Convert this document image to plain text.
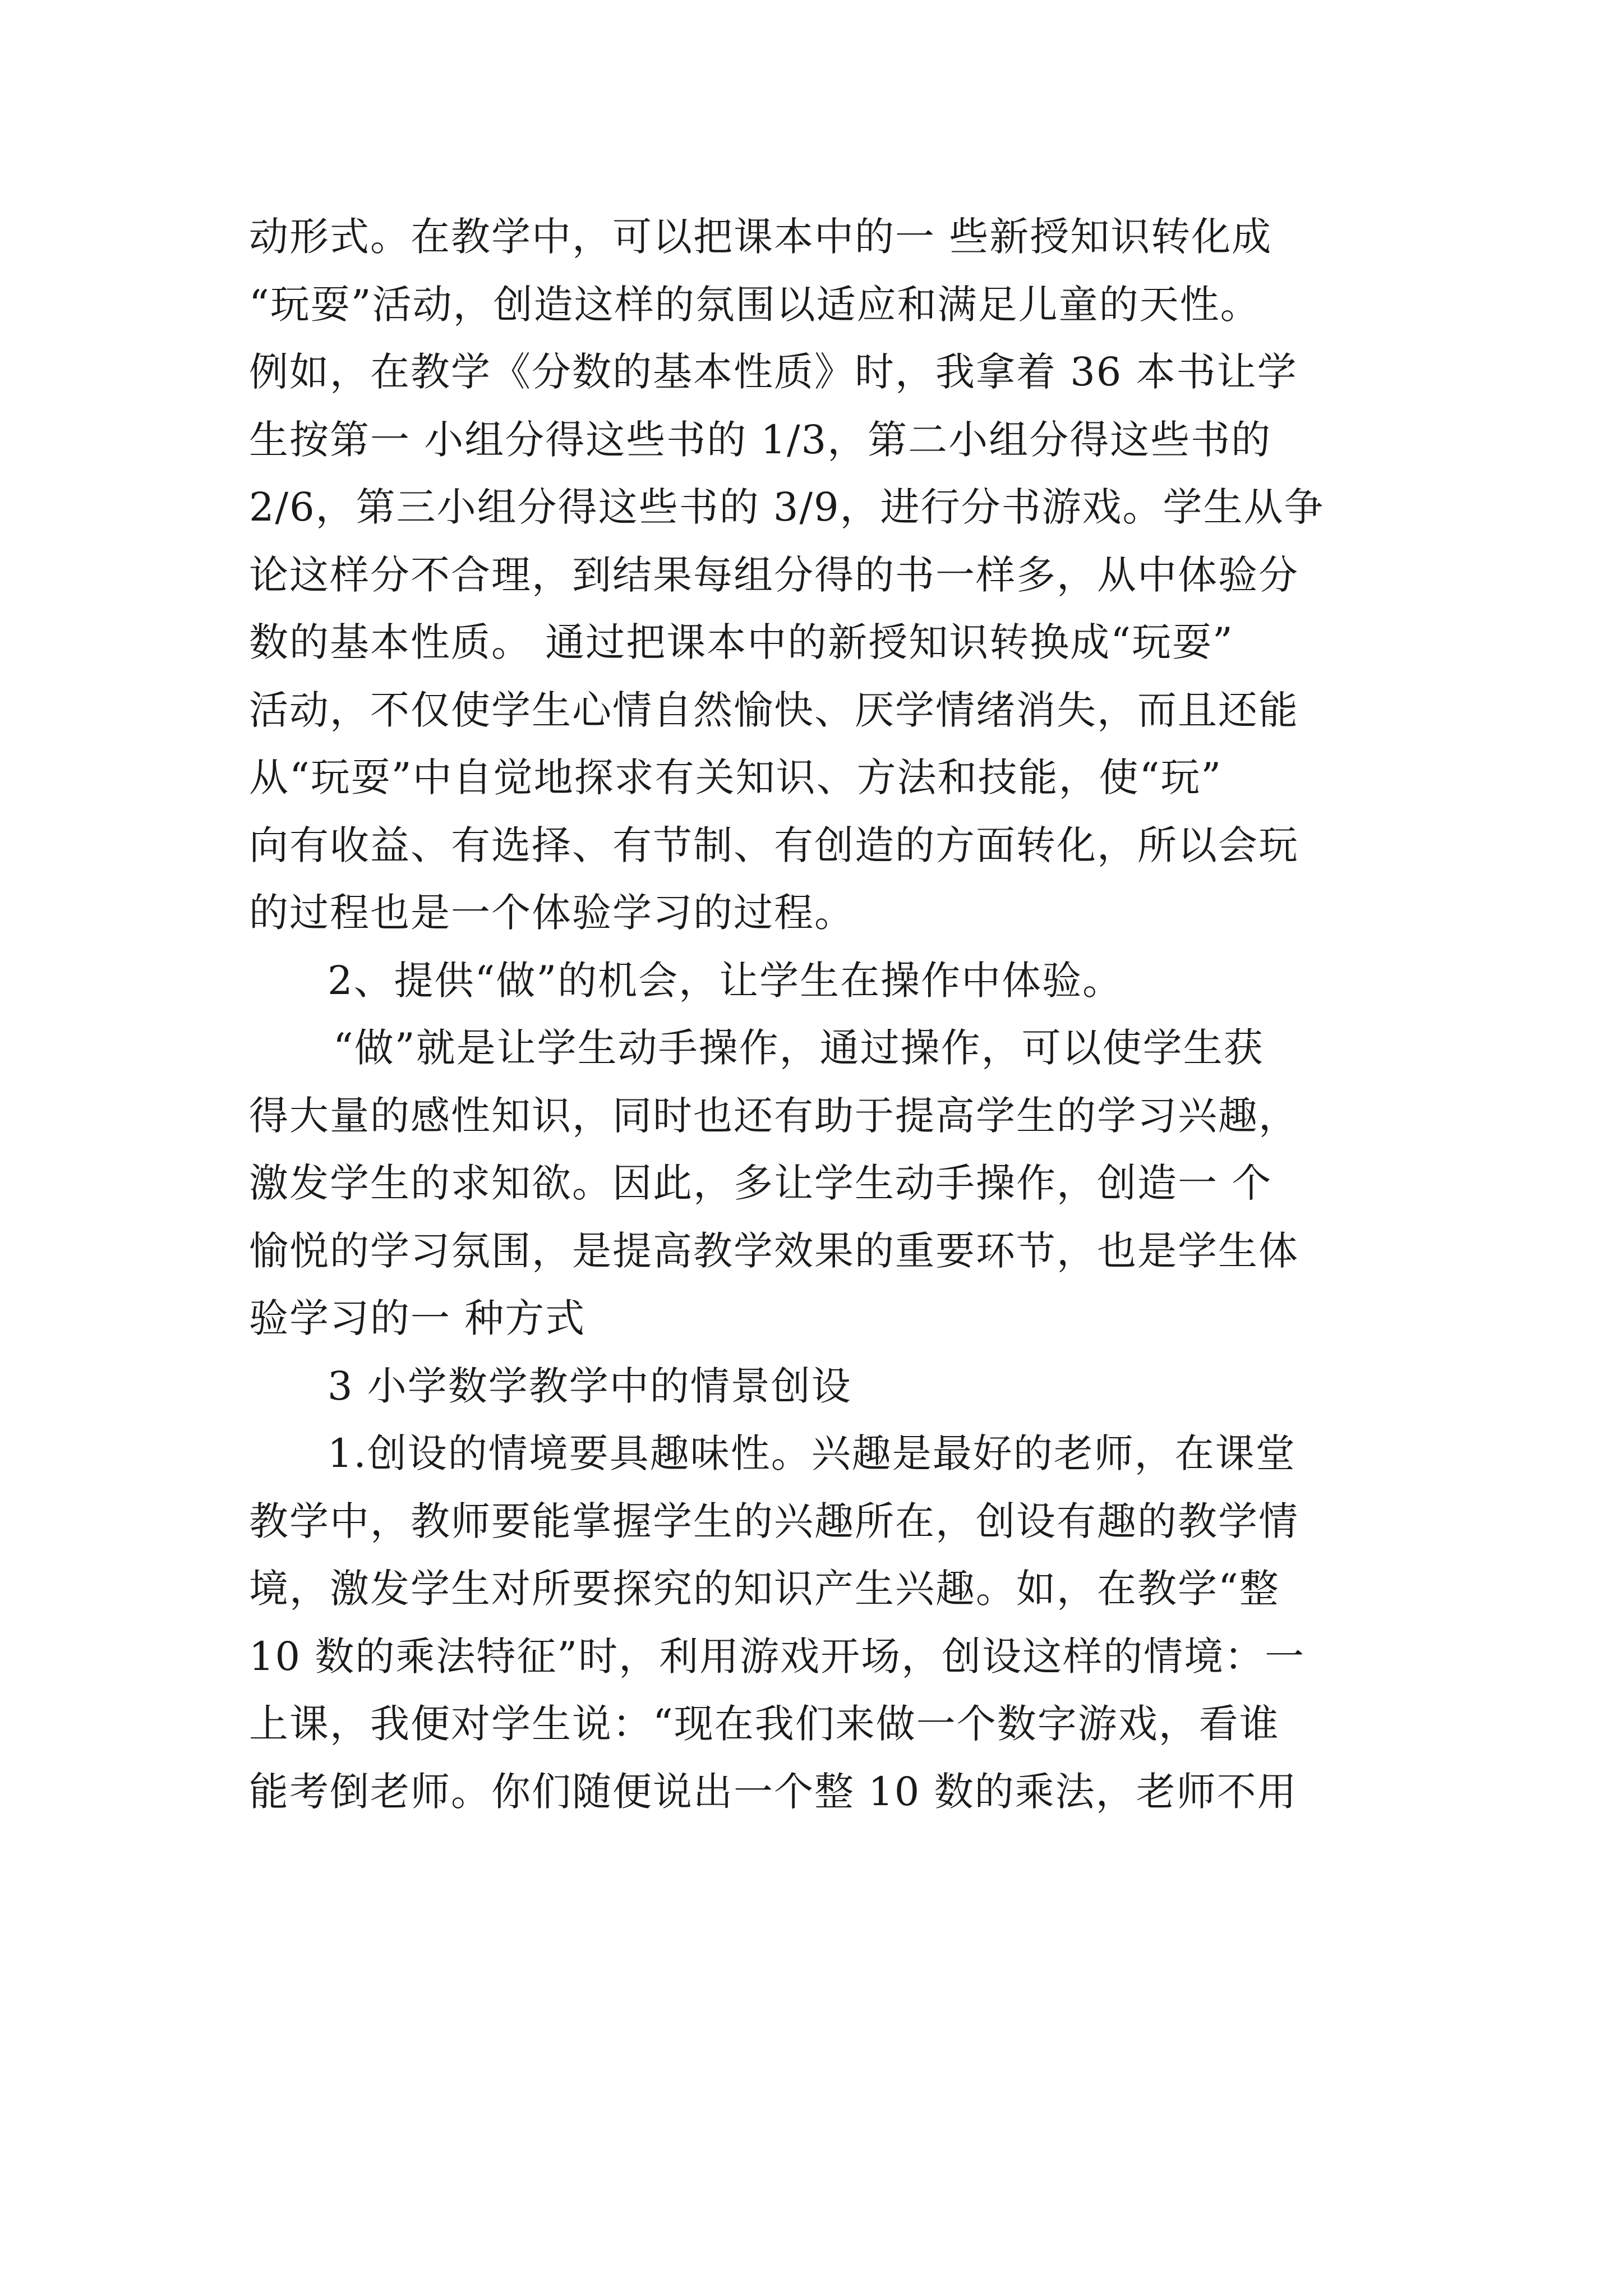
动形式。在教学中，可以把课本中的一 些新授知识转化成
“玩耍”活动，创造这样的氛围以适应和满足儿童的天性。
例如，在教学《分数的基本性质》时，我拿着 36 本书让学
生按第一 小组分得这些书的 1/3，第二小组分得这些书的
2/6，第三小组分得这些书的 3/9，进行分书游戏。学生从争
论这样分不合理，到结果每组分得的书一样多，从中体验分
数的基本性质。 通过把课本中的新授知识转换成“玩耍”
活动，不仅使学生心情自然愉快、厌学情绪消失，而且还能
从“玩耍”中自觉地探求有关知识、方法和技能，使“玩”
向有收益、有选择、有节制、有创造的方面转化，所以会玩
的过程也是一个体验学习的过程。
2、提供“做”的机会，让学生在操作中体验。
“做”就是让学生动手操作，通过操作，可以使学生获
得大量的感性知识，同时也还有助于提高学生的学习兴趣，
激发学生的求知欲。因此，多让学生动手操作，创造一 个
愉悦的学习氛围，是提高教学效果的重要环节，也是学生体
验学习的一 种方式
3 小学数学教学中的情景创设
1.创设的情境要具趣味性。兴趣是最好的老师，在课堂
教学中，教师要能掌握学生的兴趣所在，创设有趣的教学情
境，激发学生对所要探究的知识产生兴趣。如，在教学“整
10 数的乘法特征”时，利用游戏开场，创设这样的情境：一
上课，我便对学生说：“现在我们来做一个数字游戏，看谁
能考倒老师。你们随便说出一个整 10 数的乘法，老师不用
